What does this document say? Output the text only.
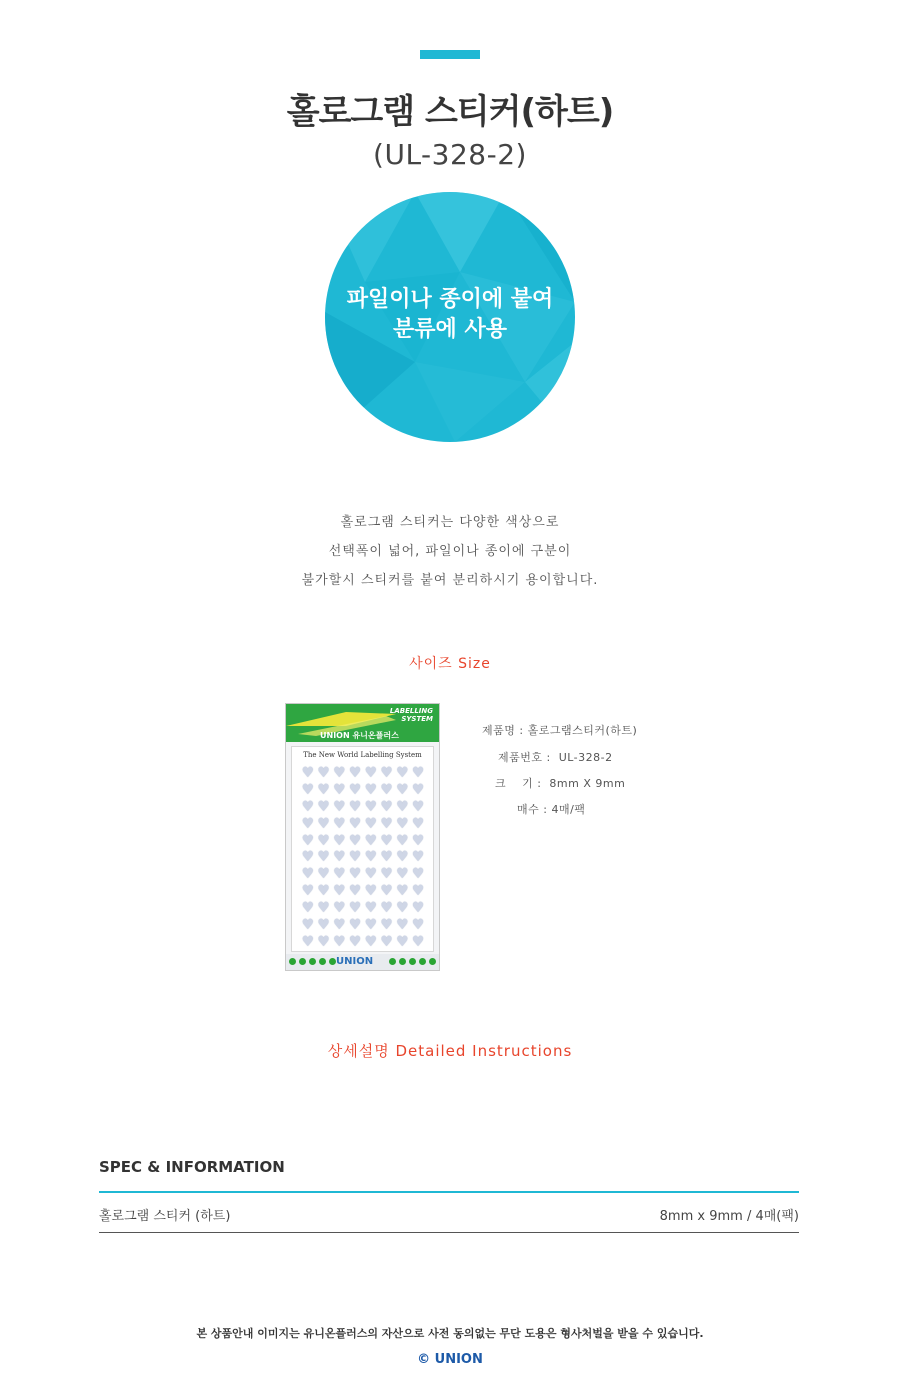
홀로그램 스티커(하트)
(UL-328-2)
파일이나 종이에 붙여
분류에 사용
홀로그램 스티커는 다양한 색상으로
선택폭이 넓어, 파일이나 종이에 구분이
불가할시 스티커를 붙여 분리하시기 용이합니다.
사이즈 Size
LABELLING
SYSTEM
UNION 유니온플러스
The New World Labelling System
♥ ♥ ♥ ♥ ♥ ♥ ♥ ♥
♥ ♥ ♥ ♥ ♥ ♥ ♥ ♥
♥ ♥ ♥ ♥ ♥ ♥ ♥ ♥
♥ ♥ ♥ ♥ ♥ ♥ ♥ ♥
♥ ♥ ♥ ♥ ♥ ♥ ♥ ♥
♥ ♥ ♥ ♥ ♥ ♥ ♥ ♥
♥ ♥ ♥ ♥ ♥ ♥ ♥ ♥
♥ ♥ ♥ ♥ ♥ ♥ ♥ ♥
♥ ♥ ♥ ♥ ♥ ♥ ♥ ♥
♥ ♥ ♥ ♥ ♥ ♥ ♥ ♥
♥ ♥ ♥ ♥ ♥ ♥ ♥ ♥
UNION
제품명 : 홀로그램스티커(하트)
제품번호 :  UL-328-2
크    기 :  8mm X 9mm
매수 : 4매/팩
상세설명 Detailed Instructions
SPEC & INFORMATION
홀로그램 스티커 (하트)	8mm x 9mm / 4매(팩)
본 상품안내 이미지는 유니온플러스의 자산으로 사전 동의없는 무단 도용은 형사처벌을 받을 수 있습니다.
© UNION
